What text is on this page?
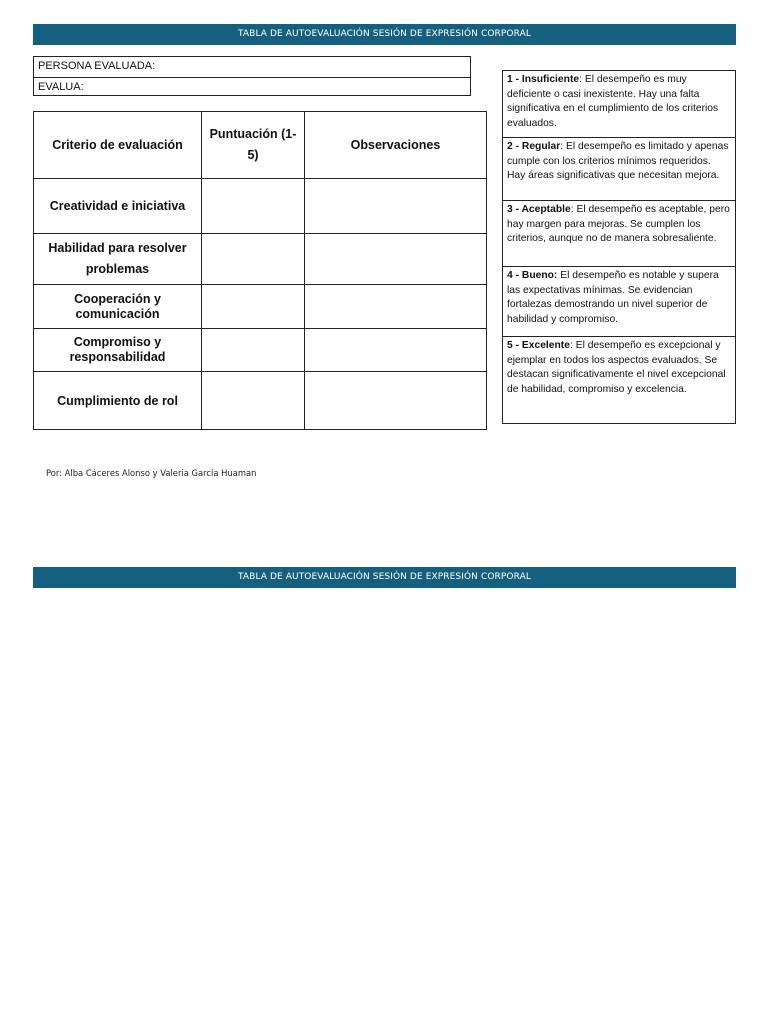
TABLA DE AUTOEVALUACIÓN SESIÓN DE EXPRESIÓN CORPORAL
PERSONA EVALUADA:
EVALUA:
Criterio de evaluación	Puntuación (1-5)	Observaciones
Creatividad e iniciativa		
Habilidad para resolver problemas		
Cooperación y comunicación		
Compromiso y responsabilidad		
Cumplimiento de rol		
1 - Insuficiente: El desempeño es muy deficiente o casi inexistente. Hay una falta significativa en el cumplimiento de los criterios evaluados.
2 - Regular: El desempeño es limitado y apenas cumple con los criterios mínimos requeridos. Hay áreas significativas que necesitan mejora.
3 - Aceptable: El desempeño es aceptable, pero hay margen para mejoras. Se cumplen los criterios, aunque no de manera sobresaliente.
4 - Bueno: El desempeño es notable y supera las expectativas mínimas. Se evidencian fortalezas demostrando un nivel superior de habilidad y compromiso.
5 - Excelente: El desempeño es excepcional y ejemplar en todos los aspectos evaluados. Se destacan significativamente el nivel excepcional de habilidad, compromiso y excelencia.
Por: Alba Cáceres Alonso y Valeria García Huaman
TABLA DE AUTOEVALUACIÓN SESIÓN DE EXPRESIÓN CORPORAL
